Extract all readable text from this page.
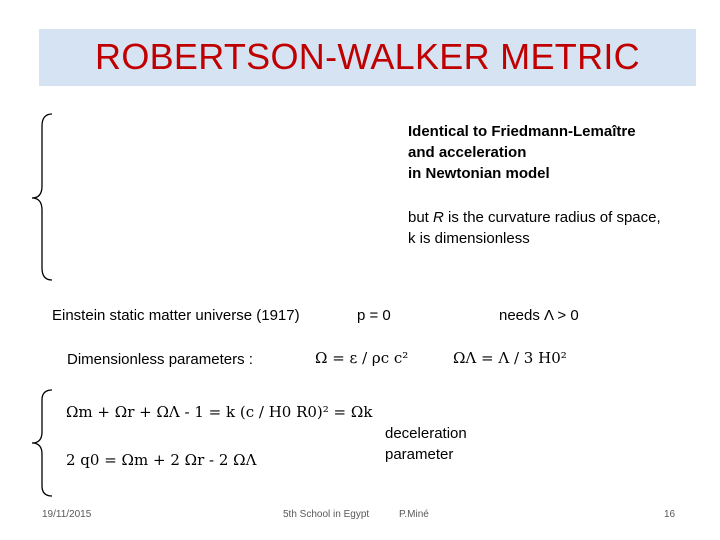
ROBERTSON-WALKER METRIC

Identical to Friedmann-Lemaître

and acceleration

in Newtonian model

but R is the curvature radius of space,

k is dimensionless

Einstein static matter universe (1917)	p = 0	needs Λ > 0
Dimensionless parameters :	Ω = ε / ρc c²	ΩΛ = Λ / 3 H0²
Ωm + Ωr + ΩΛ - 1 = k (c / H0 R0)² = Ωk
2 q0 = Ωm + 2 Ωr - 2 ΩΛ

deceleration

parameter

19/11/2015	5th School in Egypt	P.Miné	16
